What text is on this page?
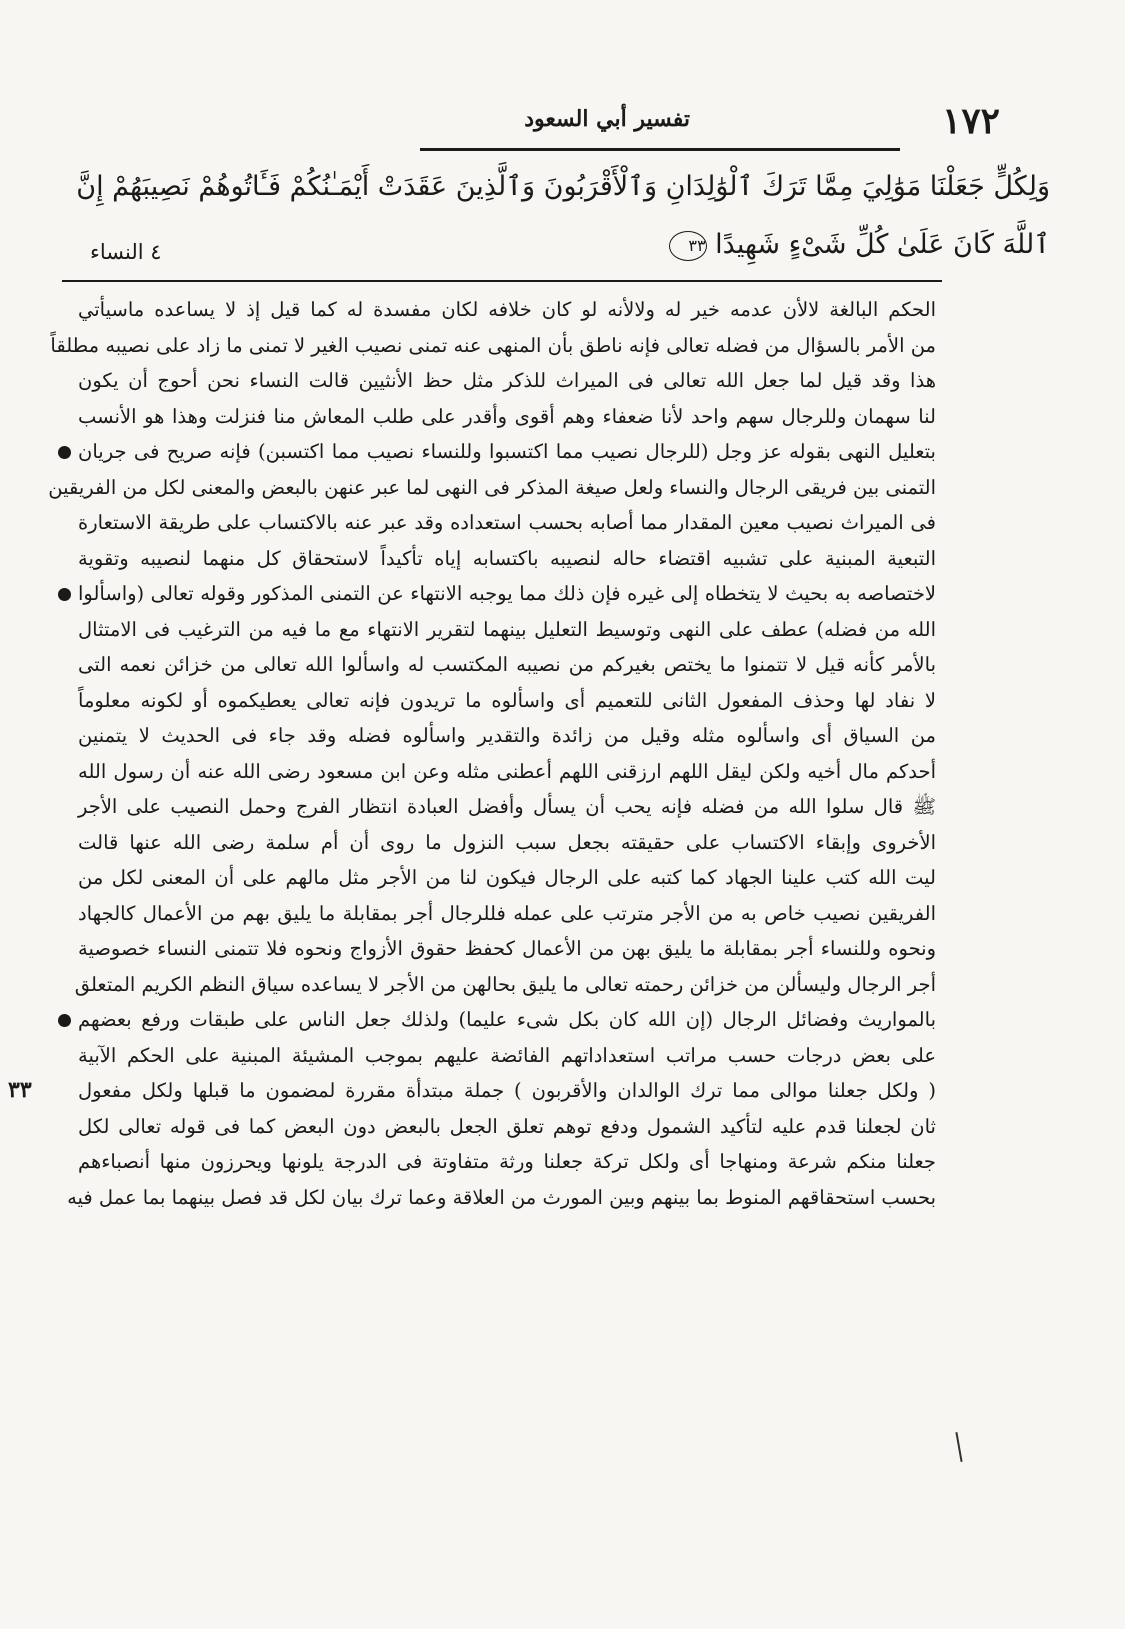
١٧٢
تفسير أبي السعود
وَلِكُلٍّ جَعَلْنَا مَوَٰلِيَ مِمَّا تَرَكَ ٱلْوَٰلِدَانِ وَٱلْأَقْرَبُونَ وَٱلَّذِينَ عَقَدَتْ أَيْمَـٰنُكُمْ فَـَٔاتُوهُمْ نَصِيبَهُمْ إِنَّ
ٱللَّهَ كَانَ عَلَىٰ كُلِّ شَىْءٍ شَهِيدًا ٣٣
٤ النساء
الحكم البالغة لالأن عدمه خير له ولالأنه لو كان خلافه لكان مفسدة له كما قيل إذ لا يساعده ماسيأتي
من الأمر بالسؤال من فضله تعالى فإنه ناطق بأن المنهى عنه تمنى نصيب الغير لا تمنى ما زاد على نصيبه مطلقاً
هذا وقد قيل لما جعل الله تعالى فى الميراث للذكر مثل حظ الأنثيين قالت النساء نحن أحوج أن يكون
لنا سهمان وللرجال سهم واحد لأنا ضعفاء وهم أقوى وأقدر على طلب المعاش منا فنزلت وهذا هو الأنسب
بتعليل النهى بقوله عز وجل (للرجال نصيب مما اكتسبوا وللنساء نصيب مما اكتسبن) فإنه صريح فى جريان
التمنى بين فريقى الرجال والنساء ولعل صيغة المذكر فى النهى لما عبر عنهن بالبعض والمعنى لكل من الفريقين
فى الميراث نصيب معين المقدار مما أصابه بحسب استعداده وقد عبر عنه بالاكتساب على طريقة الاستعارة
التبعية المبنية على تشبيه اقتضاء حاله لنصيبه باكتسابه إياه تأكيداً لاستحقاق كل منهما لنصيبه وتقوية
لاختصاصه به بحيث لا يتخطاه إلى غيره فإن ذلك مما يوجبه الانتهاء عن التمنى المذكور وقوله تعالى (واسألوا
الله من فضله) عطف على النهى وتوسيط التعليل بينهما لتقرير الانتهاء مع ما فيه من الترغيب فى الامتثال
بالأمر كأنه قيل لا تتمنوا ما يختص بغيركم من نصيبه المكتسب له واسألوا الله تعالى من خزائن نعمه التى
لا نفاد لها وحذف المفعول الثانى للتعميم أى واسألوه ما تريدون فإنه تعالى يعطيكموه أو لكونه معلوماً
من السياق أى واسألوه مثله وقيل من زائدة والتقدير واسألوه فضله وقد جاء فى الحديث لا يتمنين
أحدكم مال أخيه ولكن ليقل اللهم ارزقنى اللهم أعطنى مثله وعن ابن مسعود رضى الله عنه أن رسول الله
ﷺ قال سلوا الله من فضله فإنه يحب أن يسأل وأفضل العبادة انتظار الفرج وحمل النصيب على الأجر
الأخروى وإبقاء الاكتساب على حقيقته بجعل سبب النزول ما روى أن أم سلمة رضى الله عنها قالت
ليت الله كتب علينا الجهاد كما كتبه على الرجال فيكون لنا من الأجر مثل مالهم على أن المعنى لكل من
الفريقين نصيب خاص به من الأجر مترتب على عمله فللرجال أجر بمقابلة ما يليق بهم من الأعمال كالجهاد
ونحوه وللنساء أجر بمقابلة ما يليق بهن من الأعمال كحفظ حقوق الأزواج ونحوه فلا تتمنى النساء خصوصية
أجر الرجال وليسألن من خزائن رحمته تعالى ما يليق بحالهن من الأجر لا يساعده سياق النظم الكريم المتعلق
بالمواريث وفضائل الرجال (إن الله كان بكل شىء عليما) ولذلك جعل الناس على طبقات ورفع بعضهم
على بعض درجات حسب مراتب استعداداتهم الفائضة عليهم بموجب المشيئة المبنية على الحكم الآبية
( ولكل جعلنا موالى مما ترك الوالدان والأقربون ) جملة مبتدأة مقررة لمضمون ما قبلها ولكل مفعول
٣٣
ثان لجعلنا قدم عليه لتأكيد الشمول ودفع توهم تعلق الجعل بالبعض دون البعض كما فى قوله تعالى لكل
جعلنا منكم شرعة ومنهاجا أى ولكل تركة جعلنا ورثة متفاوتة فى الدرجة يلونها ويحرزون منها أنصباءهم
بحسب استحقاقهم المنوط بما بينهم وبين المورث من العلاقة وعما ترك بيان لكل قد فصل بينهما بما عمل فيه
